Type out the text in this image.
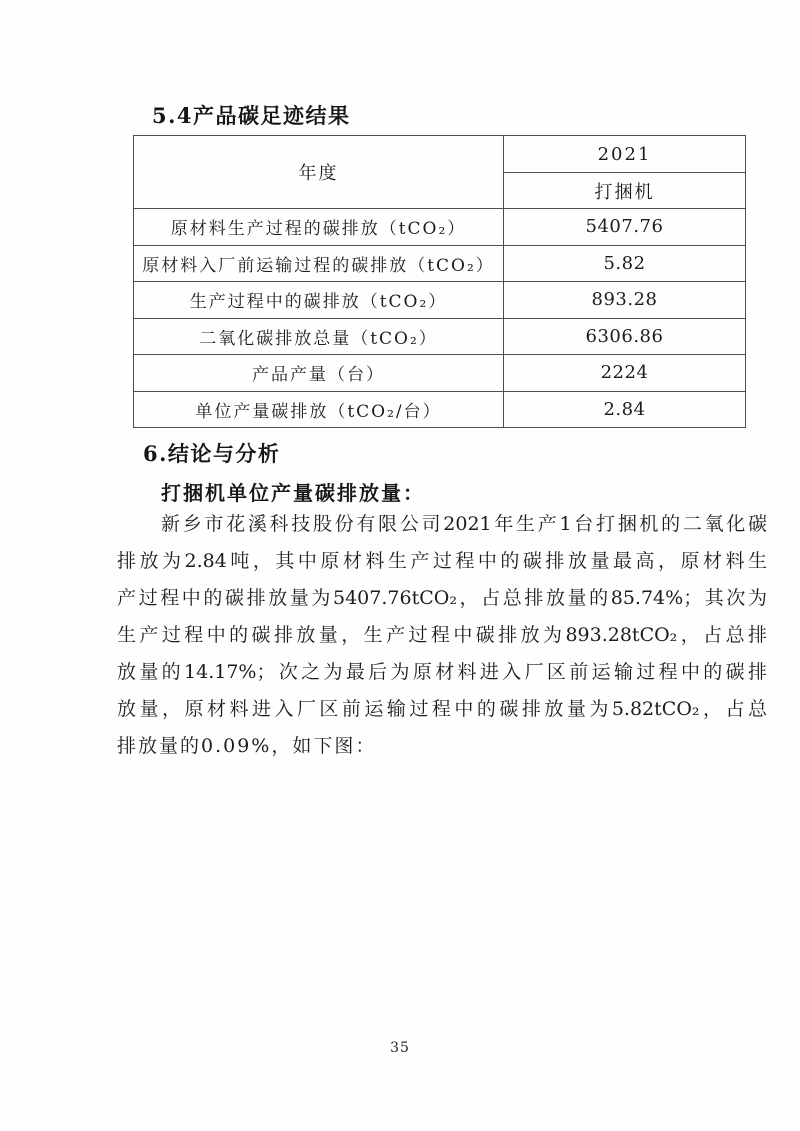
5.4产品碳足迹结果
年度	2021
	打捆机
原材料生产过程的碳排放（tCO₂）	5407.76
原材料入厂前运输过程的碳排放（tCO₂）	5.82
生产过程中的碳排放（tCO₂）	893.28
二氧化碳排放总量（tCO₂）	6306.86
产品产量（台）	2224
单位产量碳排放（tCO₂/台）	2.84
6.结论与分析

打捆机单位产量碳排放量：

新乡市花溪科技股份有限公司2021年生产1台打捆机的二氧化碳
排放为2.84吨，其中原材料生产过程中的碳排放量最高，原材料生
产过程中的碳排放量为5407.76tCO₂，占总排放量的85.74%；其次为
生产过程中的碳排放量，生产过程中碳排放为893.28tCO₂，占总排
放量的14.17%；次之为最后为原材料进入厂区前运输过程中的碳排
放量，原材料进入厂区前运输过程中的碳排放量为5.82tCO₂，占总
排放量的0.09%，如下图：
35
